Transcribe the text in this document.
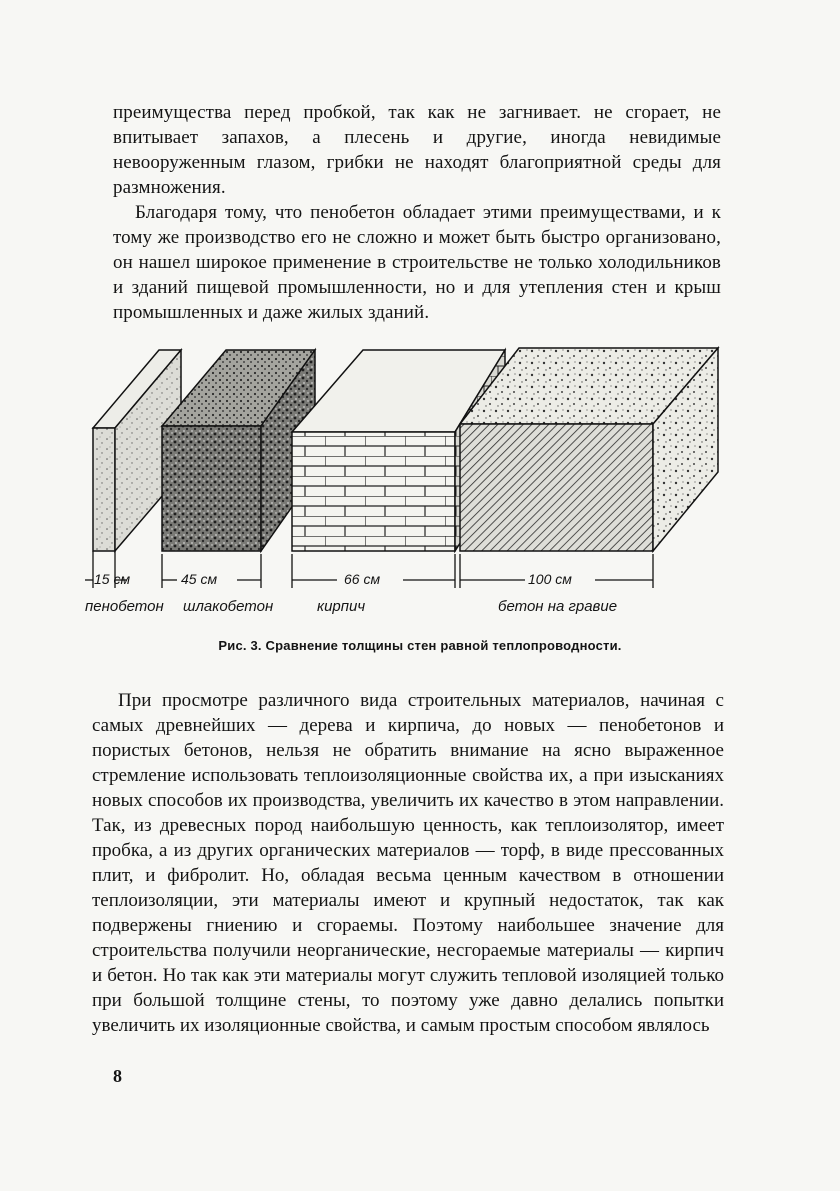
преимущества перед пробкой, так как не загнивает. не сгорает, не впитывает запахов, а плесень и другие, иногда невидимые невооруженным глазом, грибки не находят благоприятной среды для размножения.

Благодаря тому, что пенобетон обладает этими преимуществами, и к тому же производство его не сложно и может быть быстро организовано, он нашел широкое применение в строительстве не только холодильников и зданий пищевой промышленности, но и для утепления стен и крыш промышленных и даже жилых зданий.

15 см	45 см	66 см	100 см
пенобетон шлакобетон	кирпич	бетон на гравие
Рис. 3. Сравнение толщины стен равной теплопроводности.

При просмотре различного вида строительных материалов, начиная с самых древнейших — дерева и кирпича, до новых — пенобетонов и пористых бетонов, нельзя не обратить внимание на ясно выраженное стремление использовать теплоизоляционные свойства их, а при изысканиях новых способов их производства, увеличить их качество в этом направлении. Так, из древесных пород наибольшую ценность, как теплоизолятор, имеет пробка, а из других органических материалов — торф, в виде прессованных плит, и фибролит. Но, обладая весьма ценным качеством в отношении теплоизоляции, эти материалы имеют и крупный недостаток, так как подвержены гниению и сгораемы. Поэтому наибольшее значение для строительства получили неорганические, несгораемые материалы — кирпич и бетон. Но так как эти материалы могут служить тепловой изоляцией только при большой толщине стены, то поэтому уже давно делались попытки увеличить их изоляционные свойства, и самым простым способом являлось

8
